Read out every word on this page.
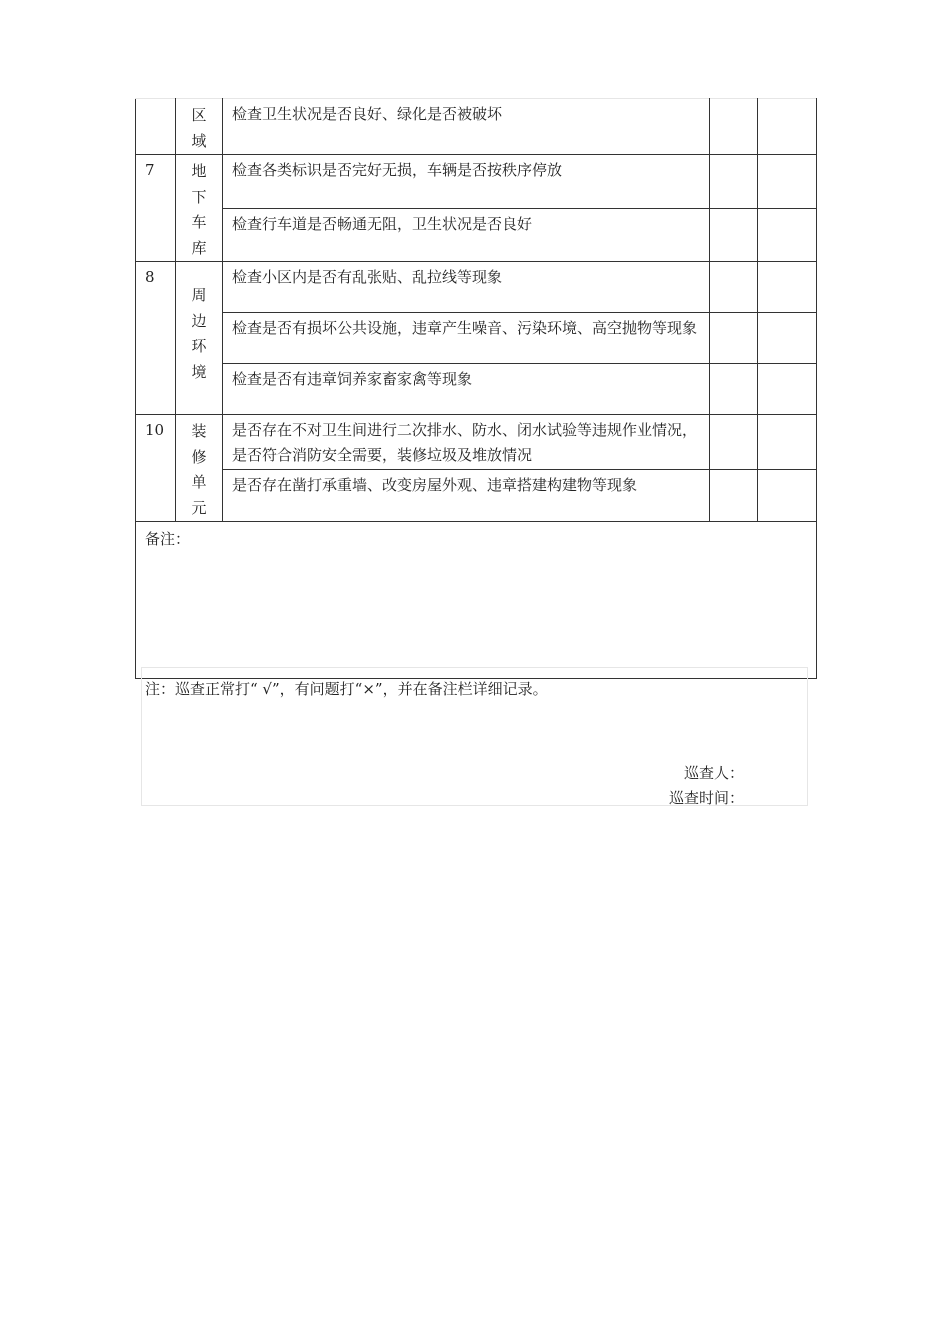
	区域	检查卫生状况是否良好、绿化是否被破坏		
7	地下车库	检查各类标识是否完好无损，车辆是否按秩序停放		
		检查行车道是否畅通无阻，卫生状况是否良好		
8	周边环境	检查小区内是否有乱张贴、乱拉线等现象		
		检查是否有损坏公共设施，违章产生噪音、污染环境、高空抛物等现象		
		检查是否有违章饲养家畜家禽等现象		
10	装修单元	是否存在不对卫生间进行二次排水、防水、闭水试验等违规作业情况，是否符合消防安全需要，装修垃圾及堆放情况		
		是否存在凿打承重墙、改变房屋外观、违章搭建构建物等现象		
备注：				
注：巡查正常打“ √”，有问题打“×”，并在备注栏详细记录。
巡查人：
巡查时间：
